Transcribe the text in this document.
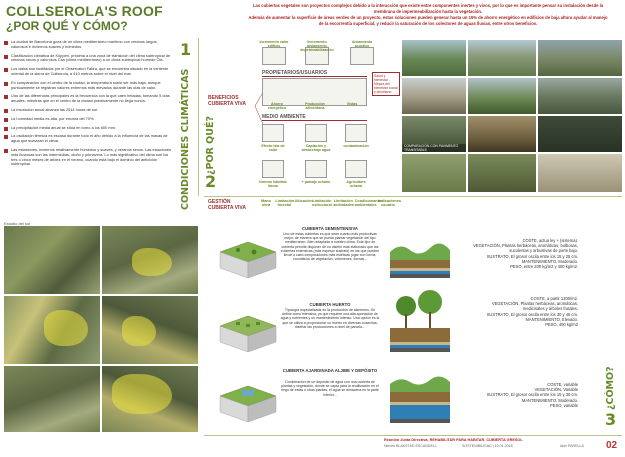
COLLSEROLA'S ROOF
¿POR QUÉ Y CÓMO?
Las cubiertas vegetales son proyectos complejos debido a la interacción que existe entre componentes inertes y vivos, por lo que es importante pensar su instalación desde la membrana de impermeabilización hasta la vegetación.
Además de aumentar la superficie de áreas verdes de un proyecto, estas soluciones pueden generar hasta un 15% de ahorro energético en edificios de baja altura ayudar al manejo de la escorrentía superficial, y reducir la saturación de los colectores de aguas lluvias, entre otros beneficios.
La ciudad de Barcelona goza de un clima mediterráneo marítimo con veranos largos, calurosos e inviernos suaves y húmedos.
Clasificación climática de Köppen, próxima a una zona de transición del clima subtropical de veranos secos y calurosos Csa (clima mediterráneo) a un clima subtropical húmedo Cfa.
Los datos son facilitados por el Observatori Fabra, que se encuentra situado en la vertiente oriental de la sierra de Collserola, a 410 metros sobre el nivel del mar.
En comparación con el centro de la ciudad, la temperatura suele ser más baja, aunque puntualmente se registran valores extremos más elevados durante las olas de calor.
Uno de las diferencias principales es la frecuencia con la que caen heladas, tomando 5 días anuales, mientras que en el centro de la ciudad prácticamente no llega nunca.
La insolación anual alcanza las 2514 horas de sol.
La humedad media es alta, por encima del 70%.
La precipitación media anual se sitúa en torno a los 600 mm.
La oscilación térmica es escasa durante todo el año debido a la influencia de las masas de agua que suavizan el clima.
Las estaciones, inviernos relativamente húmedos y suaves, y veranos secos. Las estaciones más lluviosas son las intermedias, otoño y primavera. Lo más significativo del clima son los tres o cinco meses de aridez en el verano, cuando está bajo el dominio del anticiclón subtropical.
1
CONDICIONES CLIMÁTICAS
Estudio del sol
¿POR QUÉ?
2
BENEFICIOS CUBIERTA VIVA
Incremento valor edificio
Incremento aislamiento impermeabilización
Aislamiento acústico
PROPIETARIOS/USUARIOS
Ahorro energético
Producción alimentaria
Vistas
Salud y bienestar - Mejora del bienestar social y identitario
MEDIO AMBIENTE
Efecto isla de calor
Captación y almacenaje agua
contaminación
Nuevos hábitats fauna
+ paisaje urbano	Agricultura urbana
COMPARACIÓN CON PAVIMENTO TRANSITABLE
GESTIÓN CUBIERTA VIVA
Mano obra
Limitación forestal
Ubicación Limitación estructural
Limitación actividades
Condicionantes ambientales
Indicaciones usuario
CUBIERTA SEMIINTENSIVA
Uno de estas cubiertas es que sean cuanto más productivas mejor, de manera que se pueda plantar vegetación del tipo mediterráneo. Bien adaptada a nuestro clima. Este tipo de cubierta permite disponer de un diseño más elaborado que las cubiertas extensivas (más espesor sustrato) en las que pueden llevar a cabo composiciones más estéticas jugar con forma, cromáticos de vegetación, volúmenes, formas...
CUBIERTA HUERTO
Tipología especializada en la producción de alimentos. Se define como intensiva, ya que requiere una alta aportación de agua y nutrientes y un mantenimiento intenso. Una opción es la que se utiliza a proporcionar un huerto en diversas cosechas, diseñar las producciones a nivel de parcela...
CUBIERTA AJARDINADA ALJIBE Y DEPÓSITO
Combinación de un depósito de agua con una cubierta de plantas y vegetación, donde se capta para la reutilización en el riego de estas u otras plantas, el agua se almacena en la parte inferior...
COSTE, actua ley + (sistema).
VEGETACIÓN, Plantas herbáceas, aromáticas, bulbosas, suculentas y arbustivas de porte bajo.
SUSTRATO, El grosor oscila entre los 15 y 25 cm.
MANTENIMIENTO, Moderado.
PESO, entre 200 kg/m2 y 400 kg/m2.
COSTE, a partir 1200/m2.
VEGETACIÓN, Plantas herbáceas, aromáticas, medicinales y árboles frutales.
SUSTRATO, El grosor oscila entre los 30 y 45 cm.
MANTENIMIENTO, Elevado.
PESO, 400 kg/m2
COSTE, variable
VEGETACIÓN, Variable
SUSTRATO, El grosor oscila entre los 15 y 30 cm.
MANTENIMIENTO, Moderado.
PESO, variable	¿CÓMO?
3
Reunión Junta Directiva, REHABILITAR PARA HABITAR. CUBIERTA GRESOL
Nieves BLAKSTAD ESCANDELL	SOSTENIBILIDAD | 10.01.2018	Alex PARELLA 02
